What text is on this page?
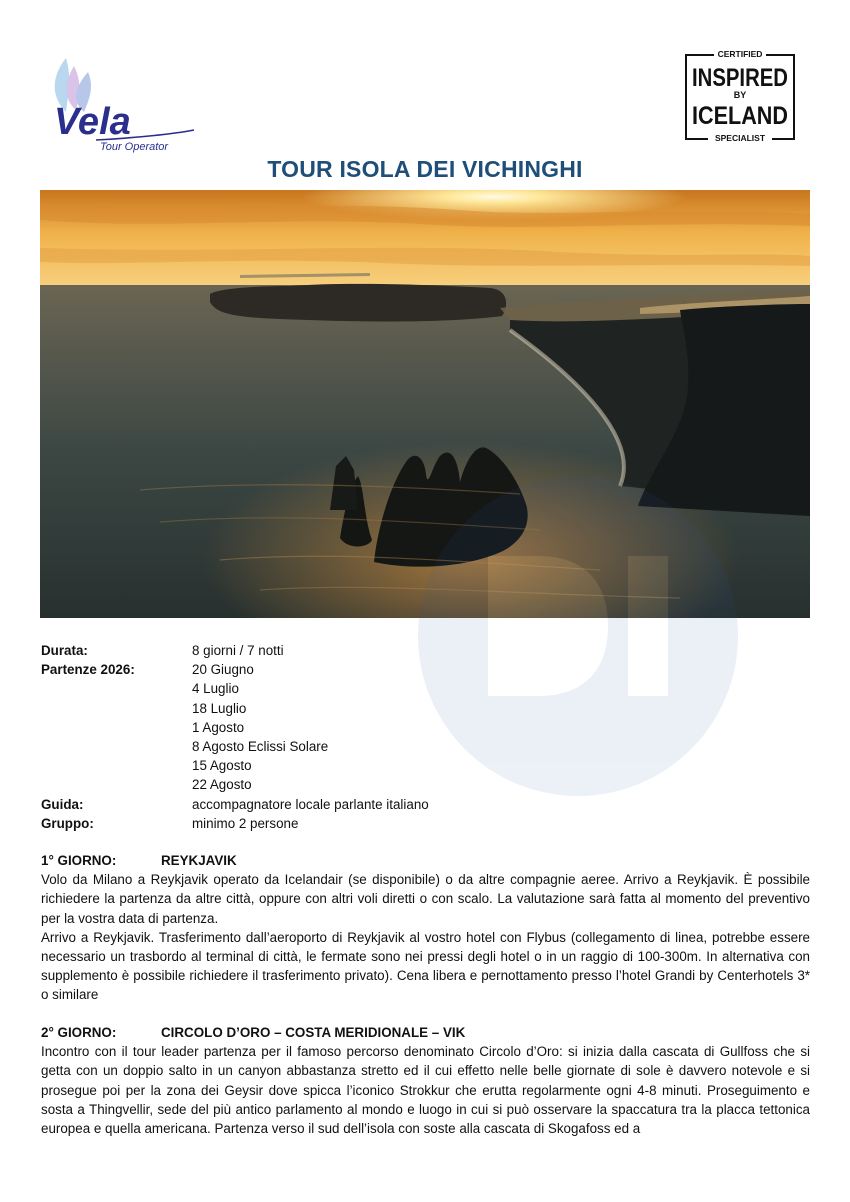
Vela
Tour Operator
CERTIFIED
INSPIRED
BY
ICELAND
SPECIALIST
TOUR ISOLA DEI VICHINGHI
Durata:	8 giorni / 7 notti
Partenze 2026:	20 Giugno
4 Luglio
18 Luglio
1 Agosto
8 Agosto Eclissi Solare
15 Agosto
22 Agosto
Guida:	accompagnatore locale parlante italiano
Gruppo:	minimo 2 persone
1° GIORNO:	REYKJAVIK

Volo da Milano a Reykjavik operato da Icelandair (se disponibile) o da altre compagnie aeree. Arrivo a Reykjavik. È possibile richiedere la partenza da altre città, oppure con altri voli diretti o con scalo. La valutazione sarà fatta al momento del preventivo per la vostra data di partenza.

Arrivo a Reykjavik. Trasferimento dall’aeroporto di Reykjavik al vostro hotel con Flybus (collegamento di linea, potrebbe essere necessario un trasbordo al terminal di città, le fermate sono nei pressi degli hotel o in un raggio di 100-300m. In alternativa con supplemento è possibile richiedere il trasferimento privato). Cena libera e pernottamento presso l’hotel Grandi by Centerhotels 3* o similare

2° GIORNO:	CIRCOLO D’ORO – COSTA MERIDIONALE – VIK

Incontro con il tour leader partenza per il famoso percorso denominato Circolo d’Oro: si inizia dalla cascata di Gullfoss che si getta con un doppio salto in un canyon abbastanza stretto ed il cui effetto nelle belle giornate di sole è davvero notevole e si prosegue poi per la zona dei Geysir dove spicca l’iconico Strokkur che erutta regolarmente ogni 4-8 minuti. Proseguimento e sosta a Thingvellir, sede del più antico parlamento al mondo e luogo in cui si può osservare la spaccatura tra la placca tettonica europea e quella americana. Partenza verso il sud dell’isola con soste alla cascata di Skogafoss ed a
